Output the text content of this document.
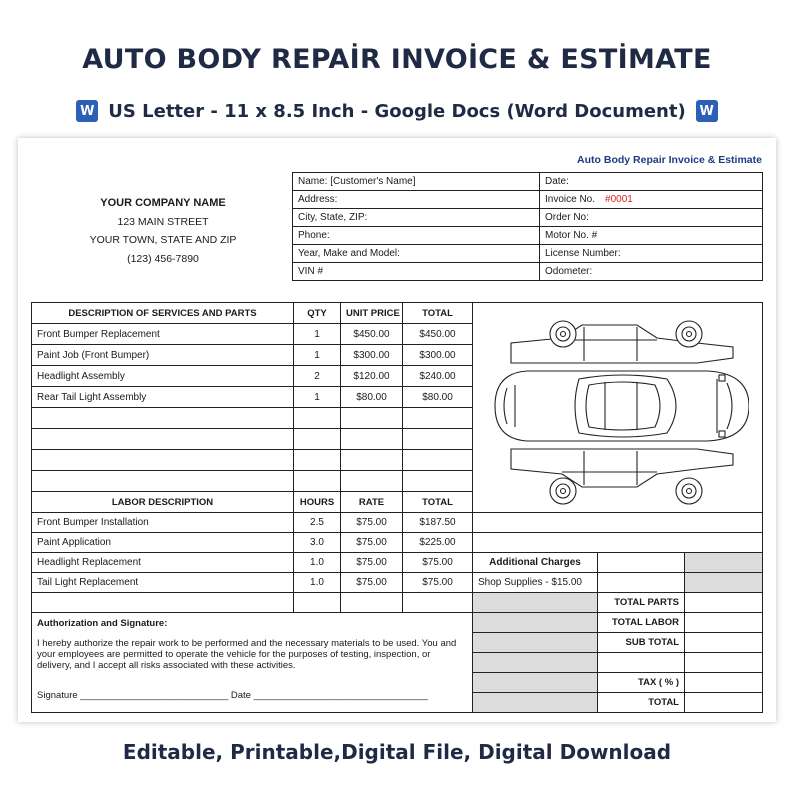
AUTO BODY REPAİR INVOİCE & ESTİMATE
W US Letter - 11 x 8.5 Inch - Google Docs (Word Document) W
Auto Body Repair Invoice & Estimate
YOUR COMPANY NAME
123 MAIN STREET
YOUR TOWN, STATE AND ZIP
(123) 456-7890
Name: [Customer's Name]	Date:
Address:	Invoice No. #0001
City, State, ZIP:	Order No:
Phone:	Motor No. #
Year, Make and Model:	License Number:
VIN #	Odometer:
DESCRIPTION OF SERVICES AND PARTS	QTY	UNIT PRICE	TOTAL	
Front Bumper Replacement	1	$450.00	$450.00			
Paint Job (Front Bumper)	1	$300.00	$300.00			
Headlight Assembly	2	$120.00	$240.00			
Rear Tail Light Assembly	1	$80.00	$80.00			

LABOR DESCRIPTION	HOURS	RATE	TOTAL			
Front Bumper Installation	2.5	$75.00	$187.50			
Paint Application	3.0	$75.00	$225.00			
Headlight Replacement	1.0	$75.00	$75.00	Additional Charges		
Tail Light Replacement	1.0	$75.00	$75.00	Shop Supplies - $15.00		
					TOTAL PARTS	

Authorization and Signature:
I hereby authorize the repair work to be performed and the necessary materials to be used. You and your employees are permitted to operate the vehicle for the purposes of testing, inspection, or delivery, and I accept all risks associated with these activities.
Signature ____________________________ Date _________________________________					TOTAL LABOR	
					SUB TOTAL	

					TAX ( % )	
					TOTAL	
Editable, Printable,Digital File, Digital Download
